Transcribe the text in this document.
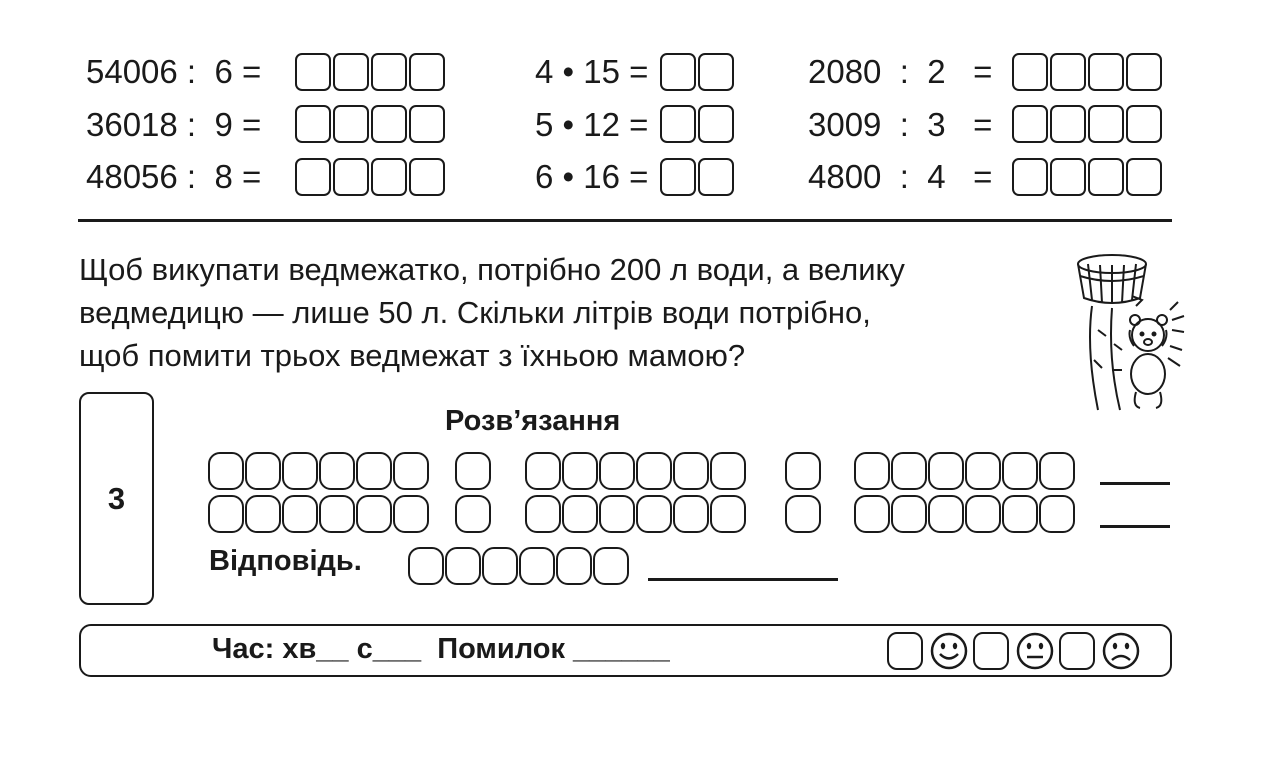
54006 :  6 =
36018 :  9 =
48056 :  8 =
4 • 15 =
5 • 12 =
6 • 16 =
2080  :  2   =
3009  :  3   =
4800  :  4   =
Щоб викупати ведмежатко, потрібно 200 л води, а велику
ведмедицю — лише 50 л. Скільки літрів води потрібно,
щоб помити трьох ведмежат з їхньою мамою?
3
Розв’язання
Відповідь.
Час: хв__ с___  Помилок ______
